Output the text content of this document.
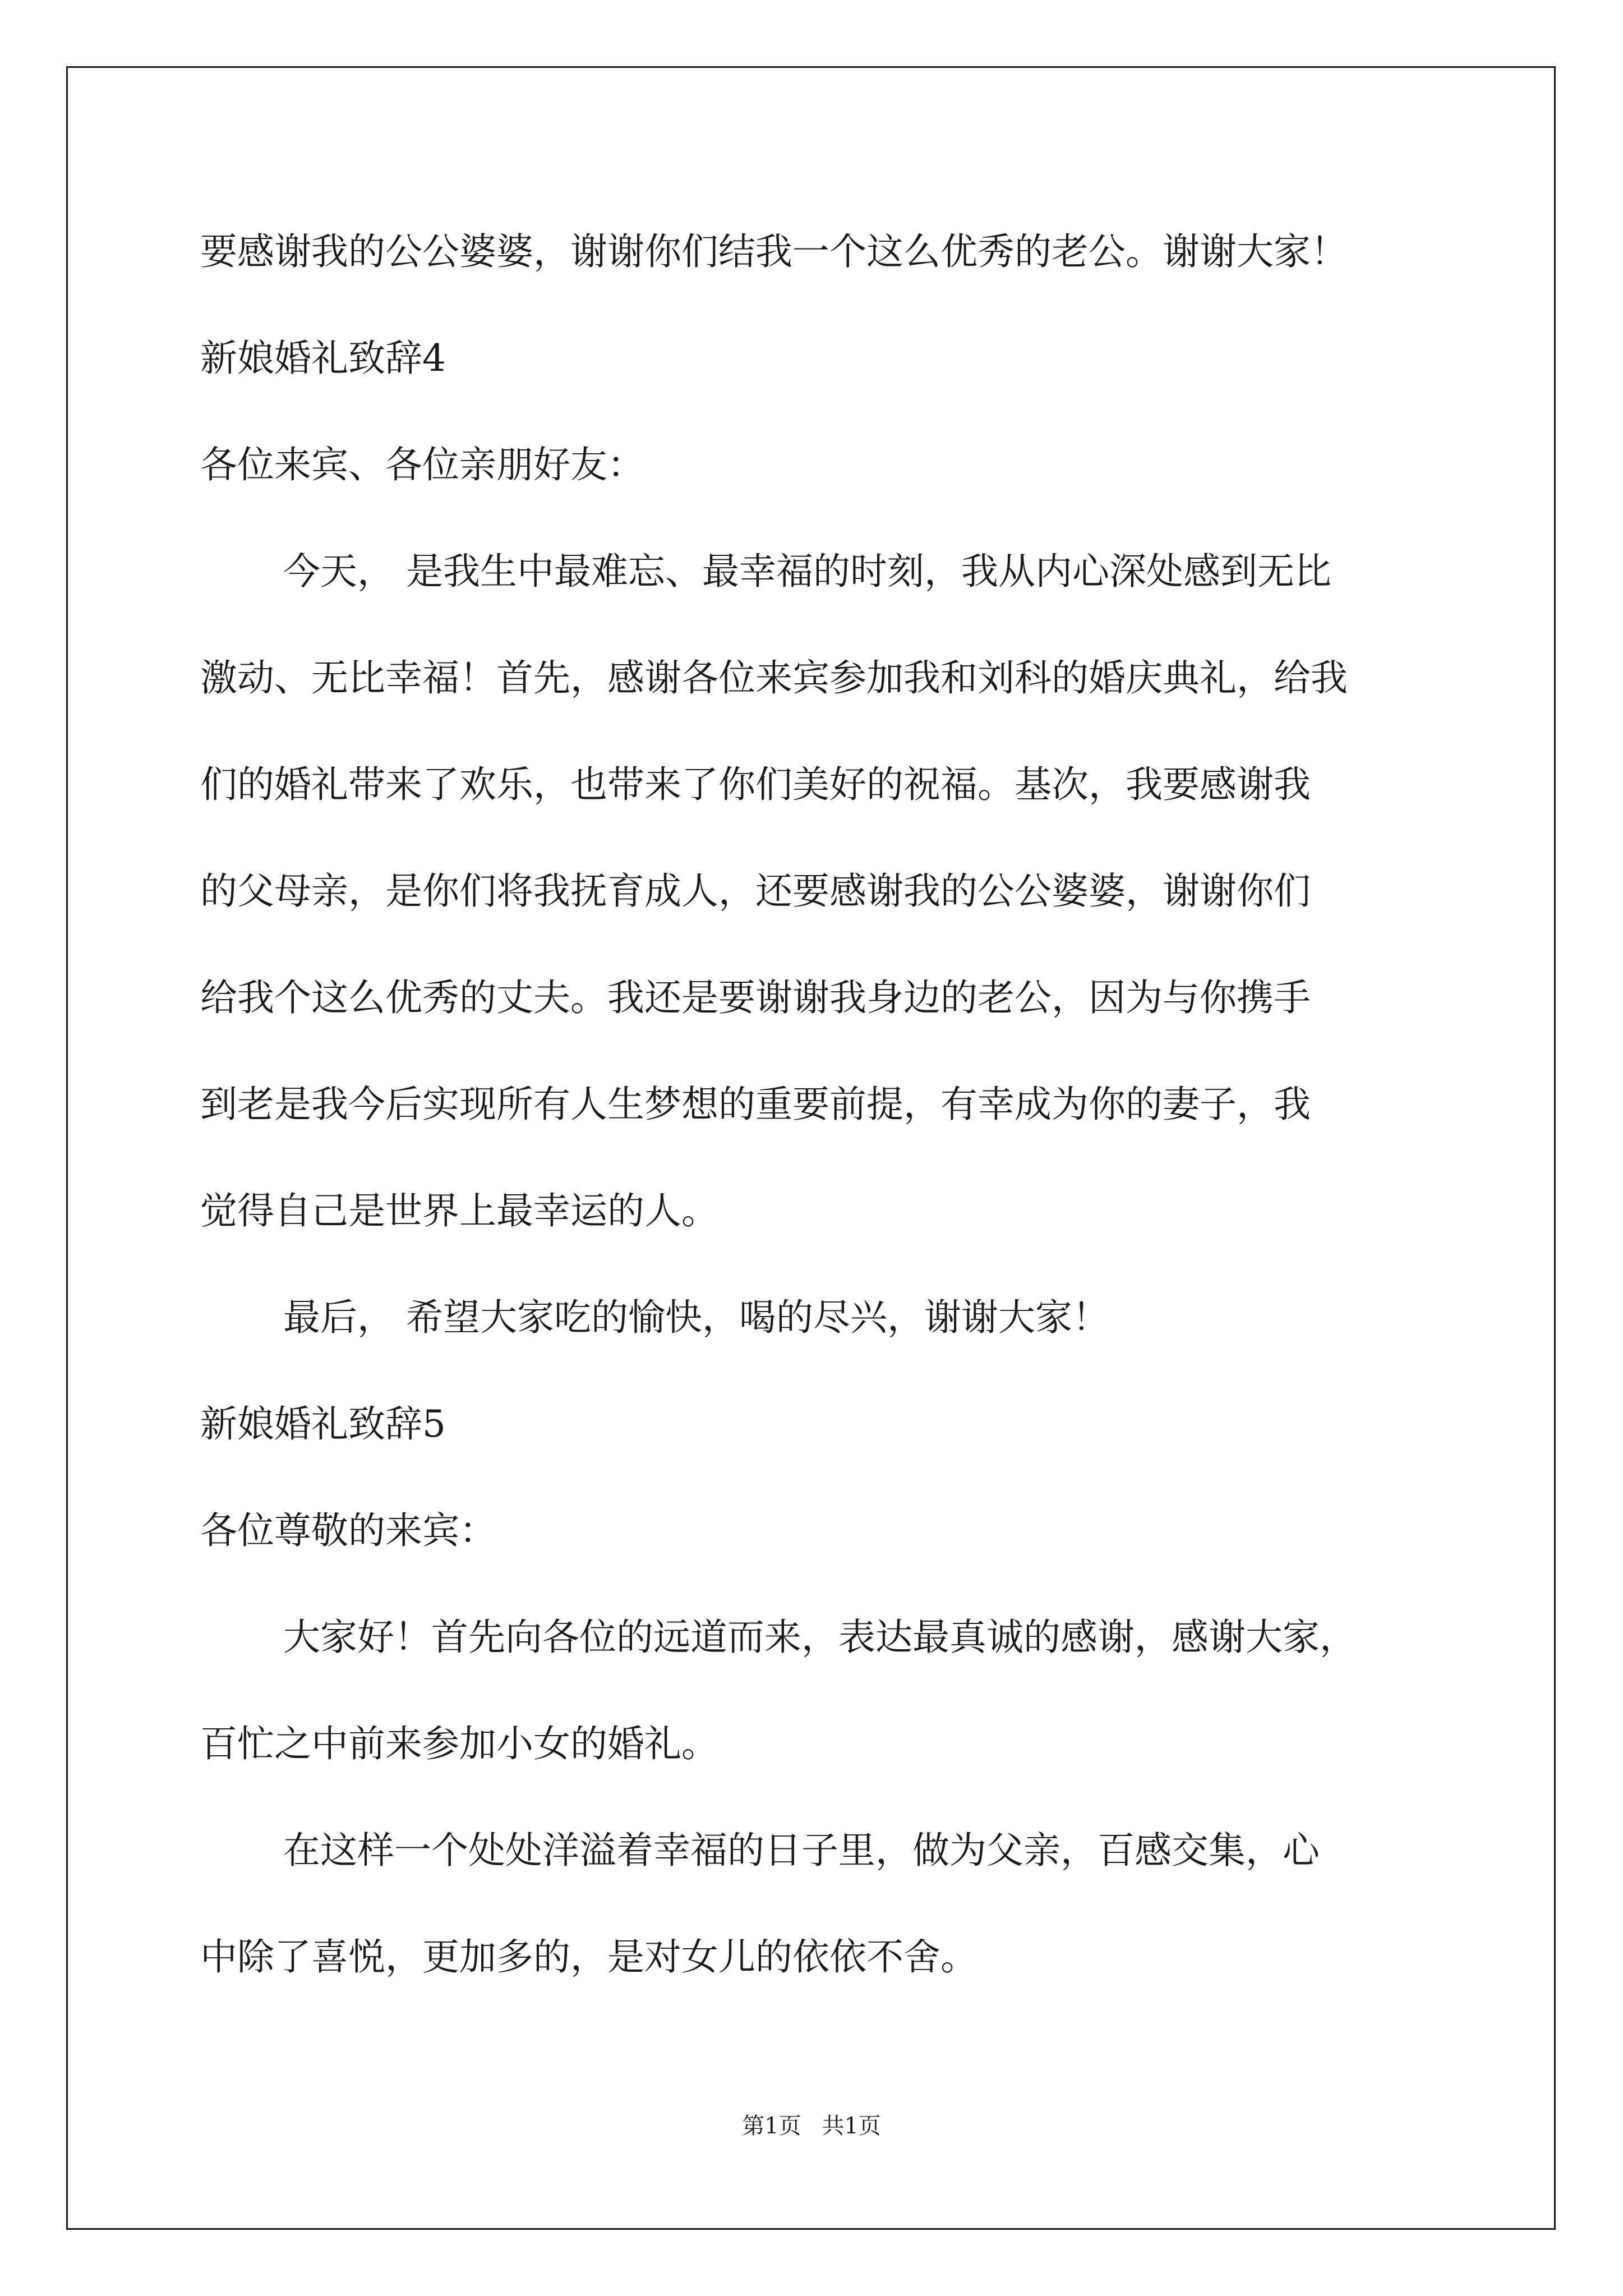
要感谢我的公公婆婆，谢谢你们结我一个这么优秀的老公。谢谢大家！
新娘婚礼致辞4
各位来宾、各位亲朋好友：
今天， 是我生中最难忘、最幸福的时刻，我从内心深处感到无比
激动、无比幸福！首先，感谢各位来宾参加我和刘科的婚庆典礼，给我
们的婚礼带来了欢乐，也带来了你们美好的祝福。基次，我要感谢我
的父母亲，是你们将我抚育成人，还要感谢我的公公婆婆，谢谢你们
给我个这么优秀的丈夫。我还是要谢谢我身边的老公，因为与你携手
到老是我今后实现所有人生梦想的重要前提，有幸成为你的妻子，我
觉得自己是世界上最幸运的人。
最后， 希望大家吃的愉快，喝的尽兴，谢谢大家！
新娘婚礼致辞5
各位尊敬的来宾：
大家好！首先向各位的远道而来，表达最真诚的感谢，感谢大家，
百忙之中前来参加小女的婚礼。
在这样一个处处洋溢着幸福的日子里，做为父亲，百感交集，心
中除了喜悦，更加多的，是对女儿的依依不舍。
第1页 共1页
